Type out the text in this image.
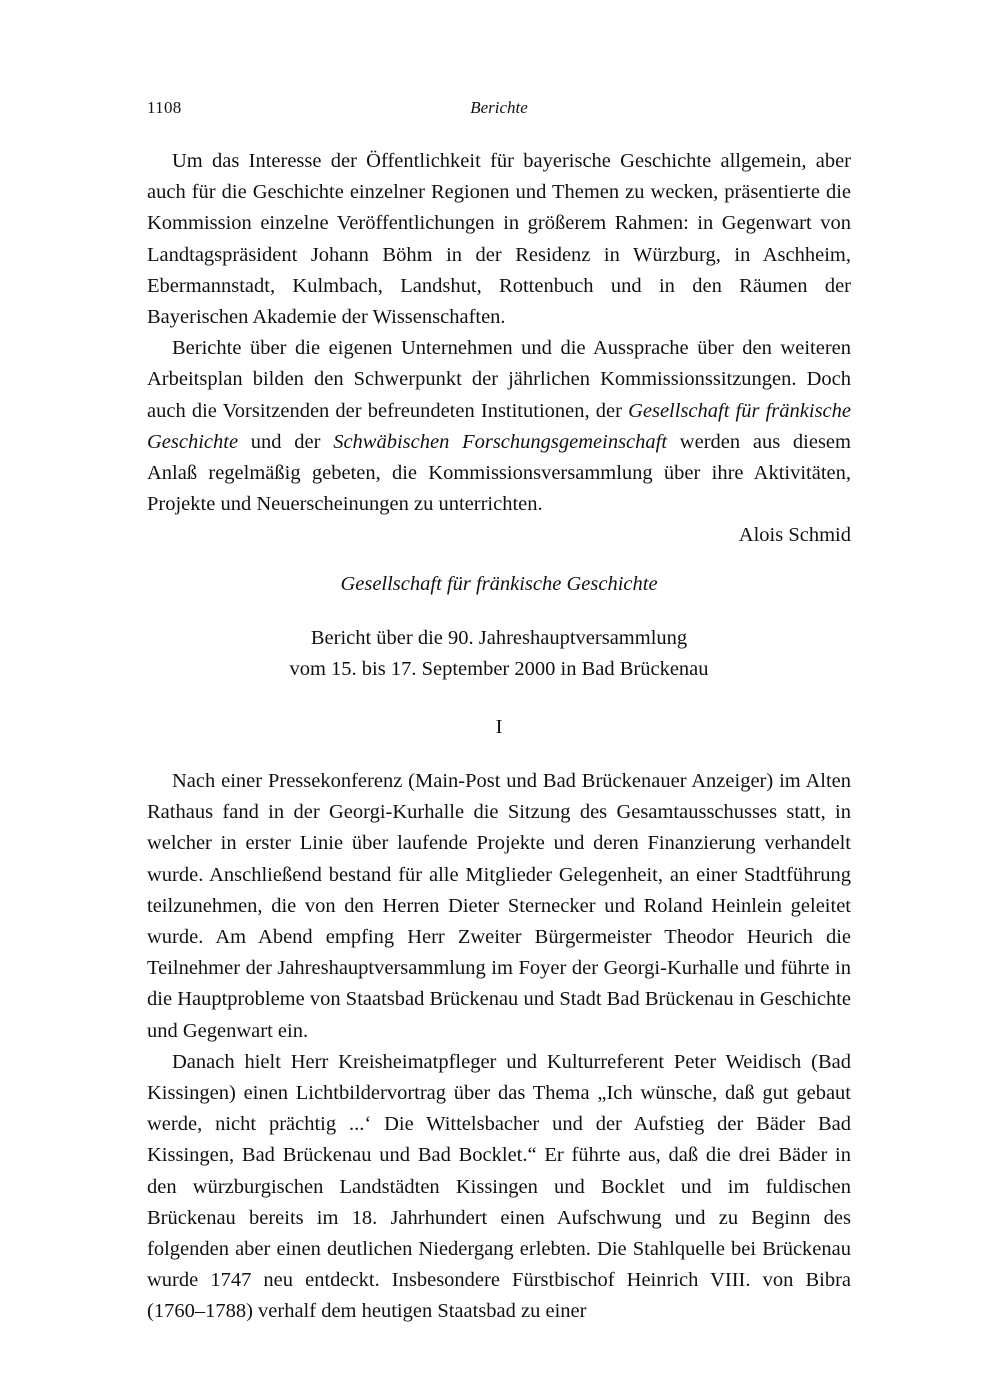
1108	Berichte

Um das Interesse der Öffentlichkeit für bayerische Geschichte allgemein, aber auch für die Geschichte einzelner Regionen und Themen zu wecken, präsentierte die Kommission einzelne Veröffentlichungen in größerem Rahmen: in Gegenwart von Landtagspräsident Johann Böhm in der Residenz in Würzburg, in Aschheim, Ebermannstadt, Kulmbach, Landshut, Rottenbuch und in den Räumen der Bayerischen Akademie der Wissenschaften.

Berichte über die eigenen Unternehmen und die Aussprache über den weiteren Arbeitsplan bilden den Schwerpunkt der jährlichen Kommissionssitzungen. Doch auch die Vorsitzenden der befreundeten Institutionen, der Gesellschaft für fränkische Geschichte und der Schwäbischen Forschungsgemeinschaft werden aus diesem Anlaß regelmäßig gebeten, die Kommissionsversammlung über ihre Aktivitäten, Projekte und Neuerscheinungen zu unterrichten.

Alois Schmid

Gesellschaft für fränkische Geschichte
Bericht über die 90. Jahreshauptversammlung
vom 15. bis 17. September 2000 in Bad Brückenau
I

Nach einer Pressekonferenz (Main-Post und Bad Brückenauer Anzeiger) im Alten Rathaus fand in der Georgi-Kurhalle die Sitzung des Gesamtausschusses statt, in welcher in erster Linie über laufende Projekte und deren Finanzierung verhandelt wurde. Anschließend bestand für alle Mitglieder Gelegenheit, an einer Stadtführung teilzunehmen, die von den Herren Dieter Sternecker und Roland Heinlein geleitet wurde. Am Abend empfing Herr Zweiter Bürgermeister Theodor Heurich die Teilnehmer der Jahreshauptversammlung im Foyer der Georgi-Kurhalle und führte in die Hauptprobleme von Staatsbad Brückenau und Stadt Bad Brückenau in Geschichte und Gegenwart ein.

Danach hielt Herr Kreisheimatpfleger und Kulturreferent Peter Weidisch (Bad Kissingen) einen Lichtbildervortrag über das Thema „Ich wünsche, daß gut gebaut werde, nicht prächtig ...‘ Die Wittelsbacher und der Aufstieg der Bäder Bad Kissingen, Bad Brückenau und Bad Bocklet.“ Er führte aus, daß die drei Bäder in den würzburgischen Landstädten Kissingen und Bocklet und im fuldischen Brückenau bereits im 18. Jahrhundert einen Aufschwung und zu Beginn des folgenden aber einen deutlichen Niedergang erlebten. Die Stahlquelle bei Brückenau wurde 1747 neu entdeckt. Insbesondere Fürstbischof Heinrich VIII. von Bibra (1760–1788) verhalf dem heutigen Staatsbad zu einer
